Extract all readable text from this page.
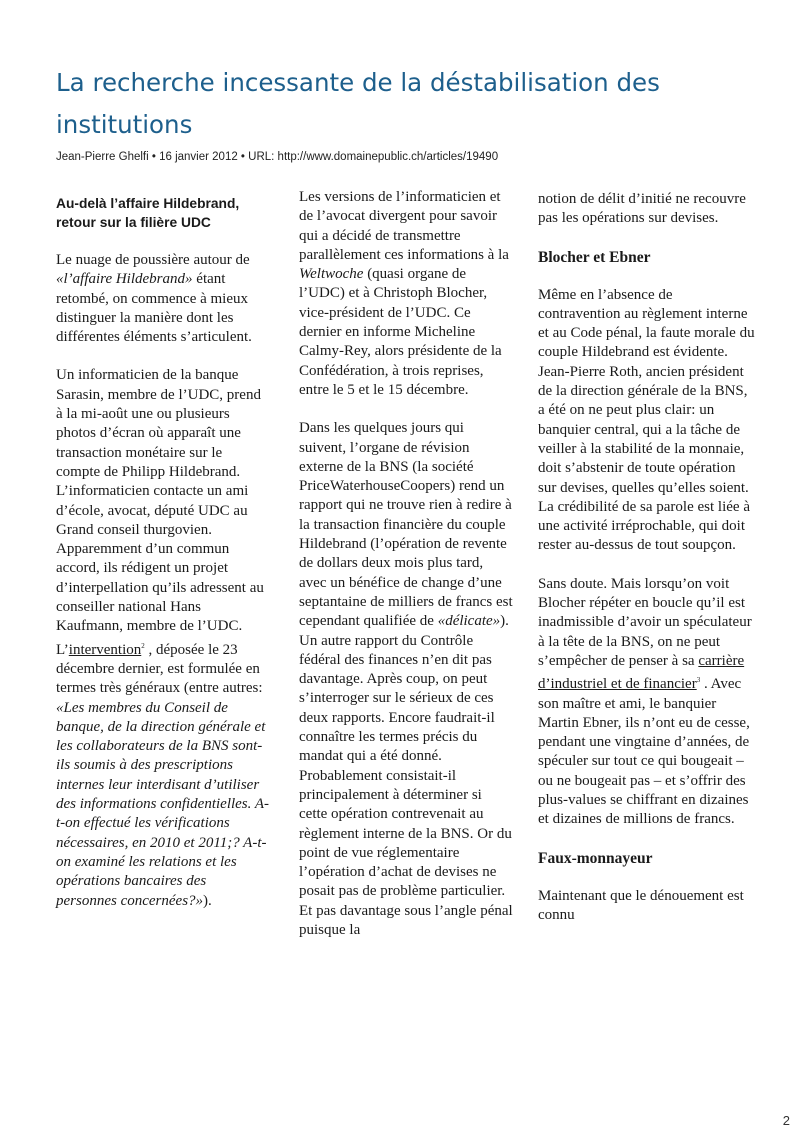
La recherche incessante de la déstabilisation des institutions
Jean-Pierre Ghelfi • 16 janvier 2012 • URL: http://www.domainepublic.ch/articles/19490
Au-delà l’affaire Hildebrand, retour sur la filière UDC

Le nuage de poussière autour de «l’affaire Hildebrand» étant retombé, on commence à mieux distinguer la manière dont les différentes éléments s’articulent.

Un informaticien de la banque Sarasin, membre de l’UDC, prend à la mi-août une ou plusieurs photos d’écran où apparaît une transaction monétaire sur le compte de Philipp Hildebrand. L’informaticien contacte un ami d’école, avocat, député UDC au Grand conseil thurgovien. Apparemment d’un commun accord, ils rédigent un projet d’interpellation qu’ils adressent au conseiller national Hans Kaufmann, membre de l’UDC. L’intervention$^2$ , déposée le 23 décembre dernier, est formulée en termes très généraux (entre autres: «Les membres du Conseil de banque, de la direction générale et les collaborateurs de la BNS sont-ils soumis à des prescriptions internes leur interdisant d’utiliser des informations confidentielles. A-t-on effectué les vérifications nécessaires, en 2010 et 2011;? A-t-on examiné les relations et les opérations bancaires des personnes concernées?»).

Les versions de l’informaticien et de l’avocat divergent pour savoir qui a décidé de transmettre parallèlement ces informations à la Weltwoche (quasi organe de l’UDC) et à Christoph Blocher, vice-président de l’UDC. Ce dernier en informe Micheline Calmy-Rey, alors présidente de la Confédération, à trois reprises, entre le 5 et le 15 décembre.

Dans les quelques jours qui suivent, l’organe de révision externe de la BNS (la société PriceWaterhouseCoopers) rend un rapport qui ne trouve rien à redire à la transaction financière du couple Hildebrand (l’opération de revente de dollars deux mois plus tard, avec un bénéfice de change d’une septantaine de milliers de francs est cependant qualifiée de «délicate»). Un autre rapport du Contrôle fédéral des finances n’en dit pas davantage. Après coup, on peut s’interroger sur le sérieux de ces deux rapports. Encore faudrait-il connaître les termes précis du mandat qui a été donné. Probablement consistait-il principalement à déterminer si cette opération contrevenait au règlement interne de la BNS. Or du point de vue réglementaire l’opération d’achat de devises ne posait pas de problème particulier. Et pas davantage sous l’angle pénal puisque la

notion de délit d’initié ne recouvre pas les opérations sur devises.

Blocher et Ebner

Même en l’absence de contravention au règlement interne et au Code pénal, la faute morale du couple Hildebrand est évidente. Jean-Pierre Roth, ancien président de la direction générale de la BNS, a été on ne peut plus clair: un banquier central, qui a la tâche de veiller à la stabilité de la monnaie, doit s’abstenir de toute opération sur devises, quelles qu’elles soient. La crédibilité de sa parole est liée à une activité irréprochable, qui doit rester au-dessus de tout soupçon.

Sans doute. Mais lorsqu’on voit Blocher répéter en boucle qu’il est inadmissible d’avoir un spéculateur à la tête de la BNS, on ne peut s’empêcher de penser à sa carrière d’industriel et de financier$^3$ . Avec son maître et ami, le banquier Martin Ebner, ils n’ont eu de cesse, pendant une vingtaine d’années, de spéculer sur tout ce qui bougeait – ou ne bougeait pas – et s’offrir des plus-values se chiffrant en dizaines et dizaines de millions de francs.

Faux-monnayeur

Maintenant que le dénouement est connu

2
